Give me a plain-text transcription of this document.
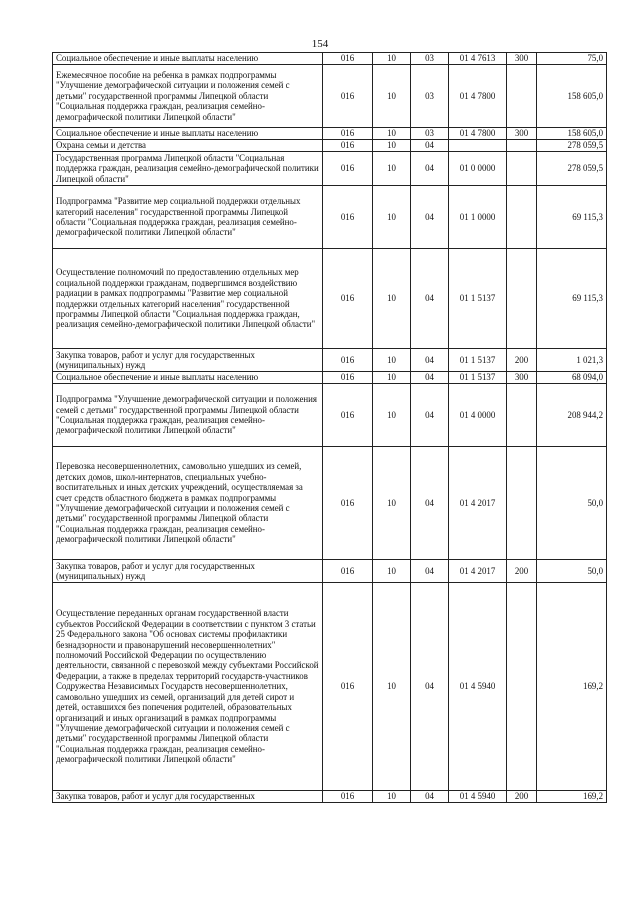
154
Социальное обеспечение и иные выплаты населению	016	10	03	01 4 7613	300	75,0
Ежемесячное пособие на ребенка в рамках подпрограммы "Улучшение демографической ситуации и положения семей с детьми" государственной программы Липецкой области "Социальная поддержка граждан, реализация семейно-демографической политики Липецкой области"	016	10	03	01 4 7800		158 605,0
Социальное обеспечение и иные выплаты населению	016	10	03	01 4 7800	300	158 605,0
Охрана семьи и детства	016	10	04			278 059,5
Государственная программа Липецкой области "Социальная поддержка граждан, реализация семейно-демографической политики Липецкой области"	016	10	04	01 0 0000		278 059,5
Подпрограмма "Развитие мер социальной поддержки отдельных категорий населения" государственной программы Липецкой области "Социальная поддержка граждан, реализация семейно-демографической политики Липецкой области"	016	10	04	01 1 0000		69 115,3
Осуществление полномочий по предоставлению отдельных мер социальной поддержки гражданам, подвергшимся воздействию радиации в рамках подпрограммы "Развитие мер социальной поддержки отдельных категорий населения" государственной программы Липецкой области "Социальная поддержка граждан, реализация семейно-демографической политики Липецкой области"	016	10	04	01 1 5137		69 115,3
Закупка товаров, работ и услуг для государственных (муниципальных) нужд	016	10	04	01 1 5137	200	1 021,3
Социальное обеспечение и иные выплаты населению	016	10	04	01 1 5137	300	68 094,0
Подпрограмма "Улучшение демографической ситуации и положения семей с детьми" государственной программы Липецкой области "Социальная поддержка граждан, реализация семейно-демографической политики Липецкой области"	016	10	04	01 4 0000		208 944,2
Перевозка несовершеннолетних, самовольно ушедших из семей, детских домов, школ-интернатов, специальных учебно-воспитательных и иных детских учреждений, осуществляемая за счет средств областного бюджета в рамках подпрограммы "Улучшение демографической ситуации и положения семей с детьми" государственной программы Липецкой области "Социальная поддержка граждан, реализация семейно-демографической политики Липецкой области"	016	10	04	01 4 2017		50,0
Закупка товаров, работ и услуг для государственных (муниципальных) нужд	016	10	04	01 4 2017	200	50,0
Осуществление переданных органам государственной власти субъектов Российской Федерации в соответствии с пунктом 3 статьи 25 Федерального закона "Об основах системы профилактики безнадзорности и правонарушений несовершеннолетних" полномочий Российской Федерации по осуществлению деятельности, связанной с перевозкой между субъектами Российской Федерации, а также в пределах территорий государств-участников Содружества Независимых Государств несовершеннолетних, самовольно ушедших из семей, организаций для детей сирот и детей, оставшихся без попечения родителей, образовательных организаций и иных организаций в рамках подпрограммы "Улучшение демографической ситуации и положения семей с детьми" государственной программы Липецкой области "Социальная поддержка граждан, реализация семейно-демографической политики Липецкой области"	016	10	04	01 4 5940		169,2
Закупка товаров, работ и услуг для государственных	016	10	04	01 4 5940	200	169,2
